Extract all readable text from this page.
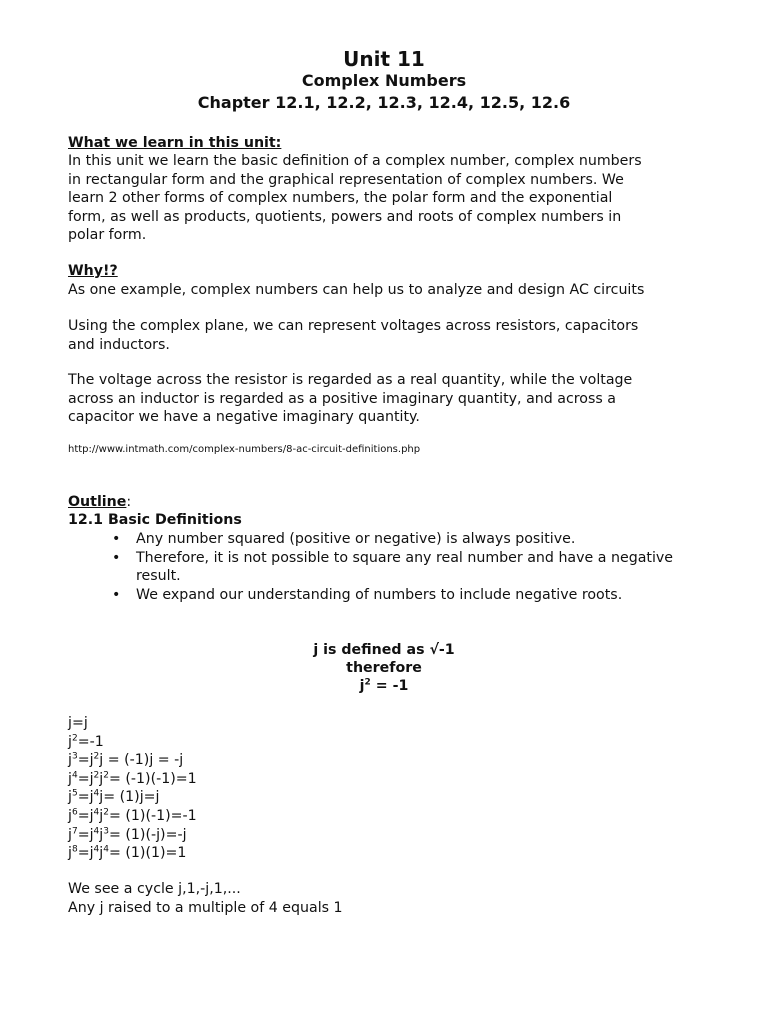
Unit 11
Complex Numbers
Chapter 12.1, 12.2, 12.3, 12.4, 12.5, 12.6
What we learn in this unit:
In this unit we learn the basic definition of a complex number, complex numbers
in rectangular form and the graphical representation of complex numbers. We
learn 2 other forms of complex numbers, the polar form and the exponential
form, as well as products, quotients, powers and roots of complex numbers in
polar form.
Why!?
As one example, complex numbers can help us to analyze and design AC circuits
Using the complex plane, we can represent voltages across resistors, capacitors
and inductors.
The voltage across the resistor is regarded as a real quantity, while the voltage
across an inductor is regarded as a positive imaginary quantity, and across a
capacitor we have a negative imaginary quantity.
http://www.intmath.com/complex-numbers/8-ac-circuit-definitions.php
Outline:
12.1 Basic Definitions
• Any number squared (positive or negative) is always positive.
• Therefore, it is not possible to square any real number and have a negative result.
• We expand our understanding of numbers to include negative roots.
j is defined as √-1
therefore
$j^2 = -1$
j=j
$j^2=-1$
$j^3=j^2j = (-1)j = -j$
$j^4=j^2j^2= (-1)(-1)=1$
$j^5=j^4j= (1)j=j$
$j^6=j^4j^2= (1)(-1)=-1$
$j^7=j^4j^3= (1)(-j)=-j$
$j^8=j^4j^4= (1)(1)=1$
We see a cycle j,1,-j,1,...
Any j raised to a multiple of 4 equals 1
